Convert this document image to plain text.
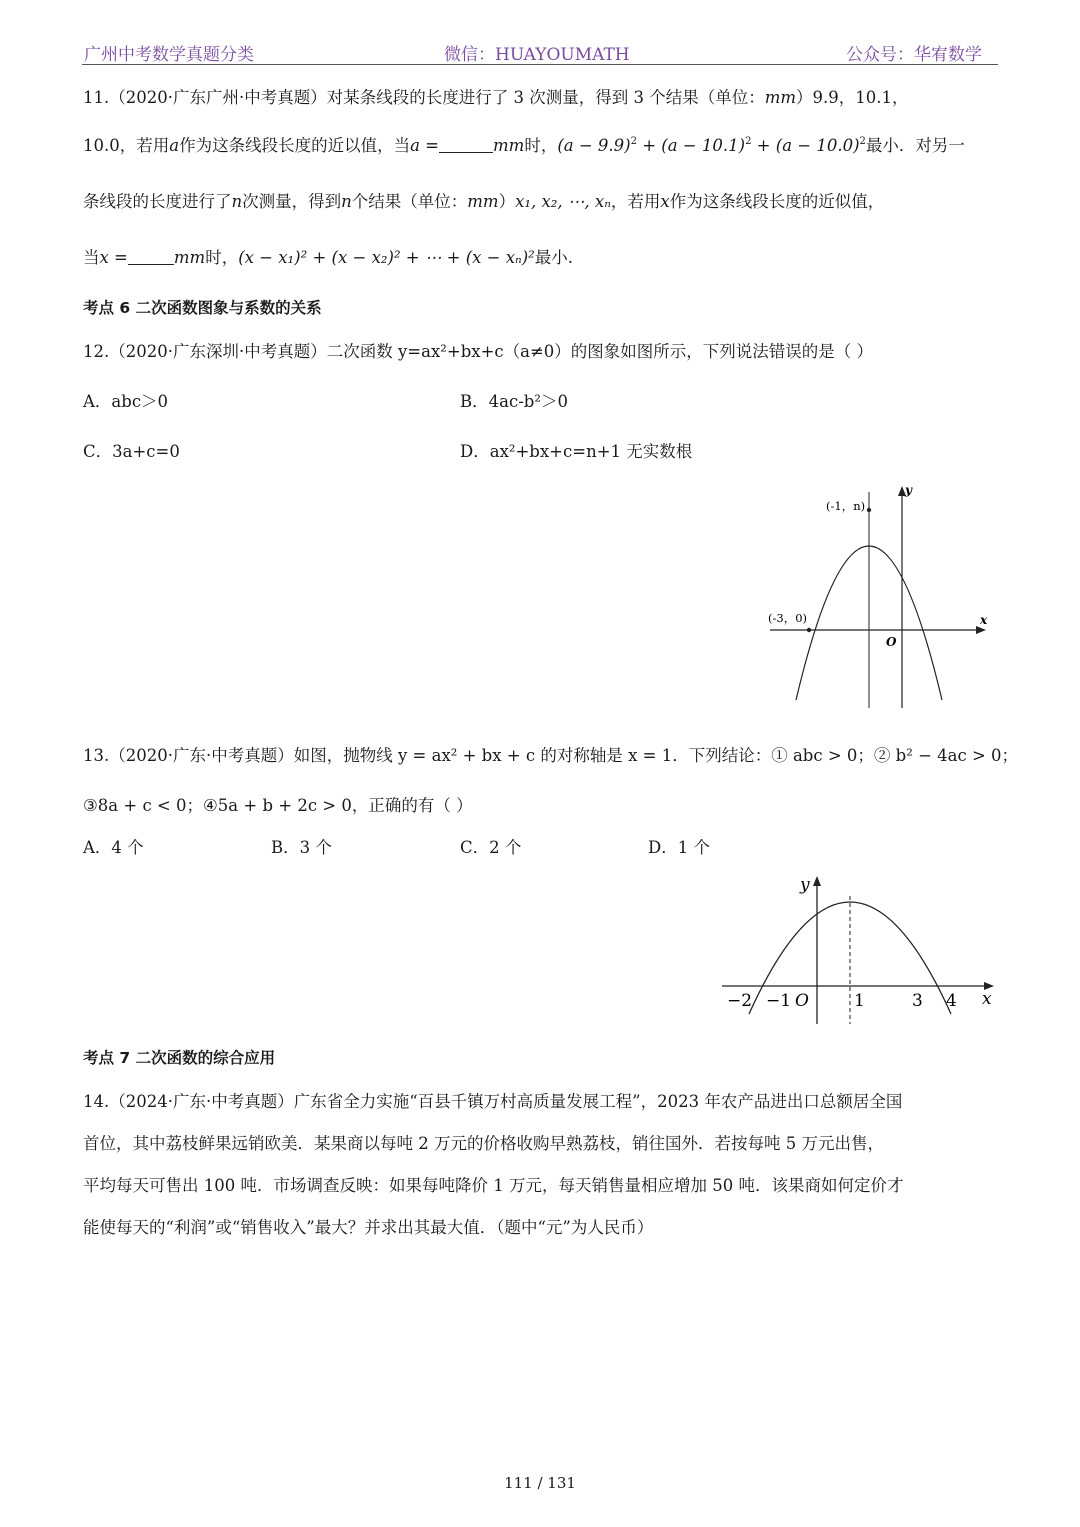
广州中考数学真题分类	微信：HUAYOUMATH	公众号：华宥数学
11.（2020·广东广州·中考真题）对某条线段的长度进行了 3 次测量，得到 3 个结果（单位：mm）9.9，10.1，
10.0，若用a作为这条线段长度的近以值，当a =	mm时，$(a - 9.9)^2 + (a - 10.1)^2 + (a - 10.0)^2$最小．对另一
条线段的长度进行了n次测量，得到n个结果（单位：mm）x₁, x₂, ⋯, xₙ，若用x作为这条线段长度的近似值，
当x =	mm时，(x − x₁)² + (x − x₂)² + ⋯ + (x − xₙ)²最小.
考点 6 二次函数图象与系数的关系
12.（2020·广东深圳·中考真题）二次函数 y=ax²+bx+c（a≠0）的图象如图所示，下列说法错误的是（ ）
A．abc＞0	B．4ac-b²＞0
C．3a+c=0	D．ax²+bx+c=n+1 无实数根
y
x
O
(-1，n)
(-3，0)
13.（2020·广东·中考真题）如图，抛物线 y = ax² + bx + c 的对称轴是 x = 1．下列结论：① abc > 0；② b² − 4ac > 0；
③8a + c < 0；④5a + b + 2c > 0，正确的有（ ）
A．4 个	B．3 个	C．2 个	D．1 个
y
x
O
−2 −1	1	3 4
考点 7 二次函数的综合应用
14.（2024·广东·中考真题）广东省全力实施“百县千镇万村高质量发展工程”，2023 年农产品进出口总额居全国
首位，其中荔枝鲜果远销欧美．某果商以每吨 2 万元的价格收购早熟荔枝，销往国外．若按每吨 5 万元出售，
平均每天可售出 100 吨．市场调查反映：如果每吨降价 1 万元，每天销售量相应增加 50 吨．该果商如何定价才
能使每天的“利润”或“销售收入”最大？并求出其最大值．（题中“元”为人民币）
111 / 131
